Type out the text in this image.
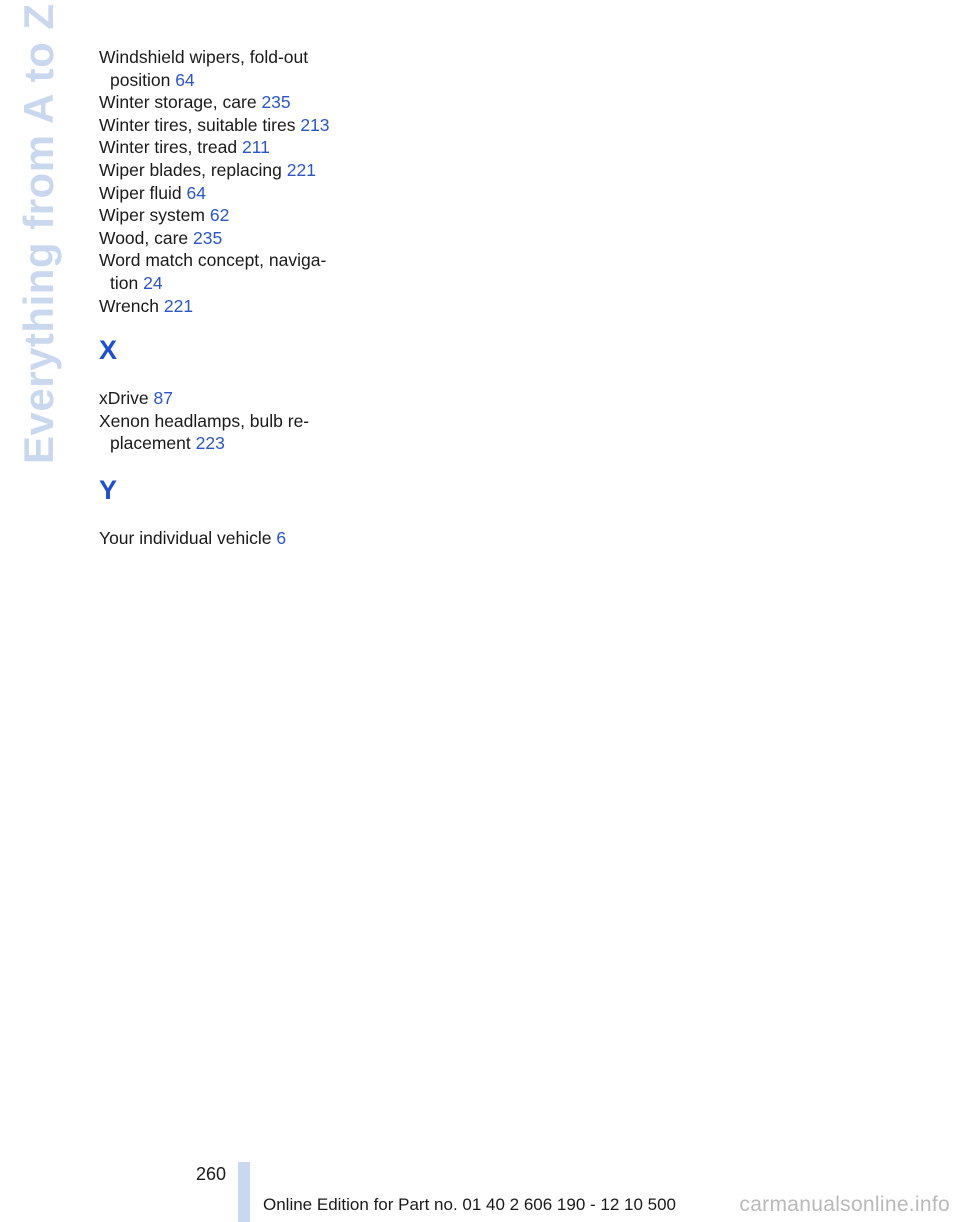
Everything from A to Z Windshield wipers, fold-out position 64

Winter storage, care 235

Winter tires, suitable tires 213

Winter tires, tread 211

Wiper blades, replacing 221

Wiper fluid 64

Wiper system 62

Wood, care 235

Word match concept, naviga-tion 24

Wrench 221

X

xDrive 87

Xenon headlamps, bulb re-placement 223

Y

Your individual vehicle 6

260
Online Edition for Part no. 01 40 2 606 190 - 12 10 500	carmanualsonline.info
